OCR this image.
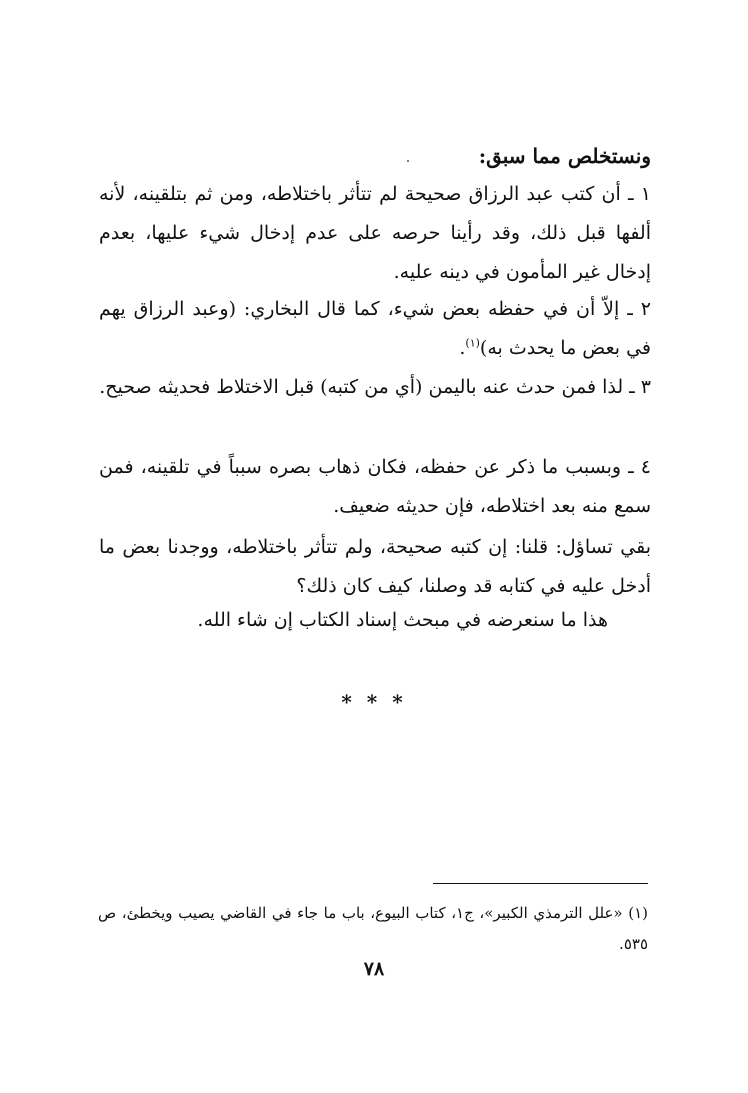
ونستخلص مما سبق:
١ ـ أن كتب عبد الرزاق صحيحة لم تتأثر باختلاطه، ومن ثم بتلقينه، لأنه ألفها قبل ذلك، وقد رأينا حرصه على عدم إدخال شيء عليها، بعدم إدخال غير المأمون في دينه عليه.
٢ ـ إلاّ أن في حفظه بعض شيء، كما قال البخاري: (وعبد الرزاق يهم في بعض ما يحدث به)$^{(١)}$.
٣ ـ لذا فمن حدث عنه باليمن (أي من كتبه) قبل الاختلاط فحديثه صحيح.
٤ ـ وبسبب ما ذكر عن حفظه، فكان ذهاب بصره سبباً في تلقينه، فمن سمع منه بعد اختلاطه، فإن حديثه ضعيف.
بقي تساؤل: قلنا: إن كتبه صحيحة، ولم تتأثر باختلاطه، ووجدنا بعض ما أدخل عليه في كتابه قد وصلنا، كيف كان ذلك؟
هذا ما سنعرضه في مبحث إسناد الكتاب إن شاء الله.
* * *
(١) «علل الترمذي الكبير»، ج١، كتاب البيوع، باب ما جاء في القاضي يصيب ويخطئ، ص ٥٣٥.
٧٨
